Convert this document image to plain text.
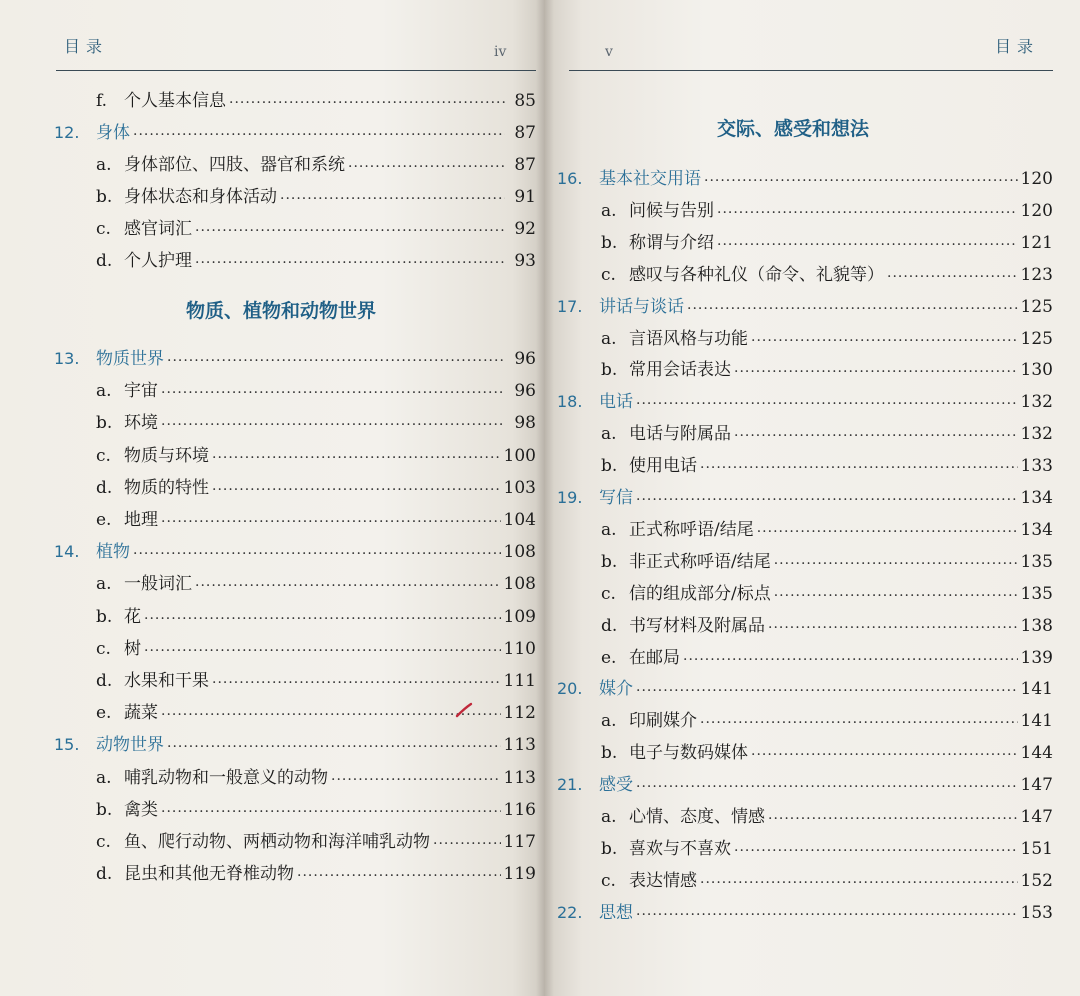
目录	iv
物质、植物和动物世界
f. 个人基本信息 ·····	85
12. 身体 ·····	87
a. 身体部位、四肢、器官和系统 ·····	87
b. 身体状态和身体活动 ·····	91
c. 感官词汇 ·····	92
d. 个人护理 ·····	93
13. 物质世界 ·····	96
a. 宇宙 ·····	96
b. 环境 ·····	98
c. 物质与环境 ·····	100
d. 物质的特性 ·····	103
e. 地理 ·····	104
14. 植物 ·····	108
a. 一般词汇 ·····	108
b. 花 ·····	109
c. 树 ·····	110
d. 水果和干果 ·····	111
e. 蔬菜 ·····	112
15. 动物世界 ·····	113
a. 哺乳动物和一般意义的动物 ·····	113
b. 禽类 ·····	116
c. 鱼、爬行动物、两栖动物和海洋哺乳动物 ·····	117
d. 昆虫和其他无脊椎动物 ·····	119
v	目录
交际、感受和想法
16. 基本社交用语 ·····	120
a. 问候与告别 ·····	120
b. 称谓与介绍 ·····	121
c. 感叹与各种礼仪（命令、礼貌等） ·····	123
17. 讲话与谈话 ·····	125
a. 言语风格与功能 ·····	125
b. 常用会话表达 ·····	130
18. 电话 ·····	132
a. 电话与附属品 ·····	132
b. 使用电话 ·····	133
19. 写信 ·····	134
a. 正式称呼语/结尾 ·····	134
b. 非正式称呼语/结尾 ·····	135
c. 信的组成部分/标点 ·····	135
d. 书写材料及附属品 ·····	138
e. 在邮局 ·····	139
20. 媒介 ·····	141
a. 印刷媒介 ·····	141
b. 电子与数码媒体 ·····	144
21. 感受 ·····	147
a. 心情、态度、情感 ·····	147
b. 喜欢与不喜欢 ·····	151
c. 表达情感 ·····	152
22. 思想 ·····	153
